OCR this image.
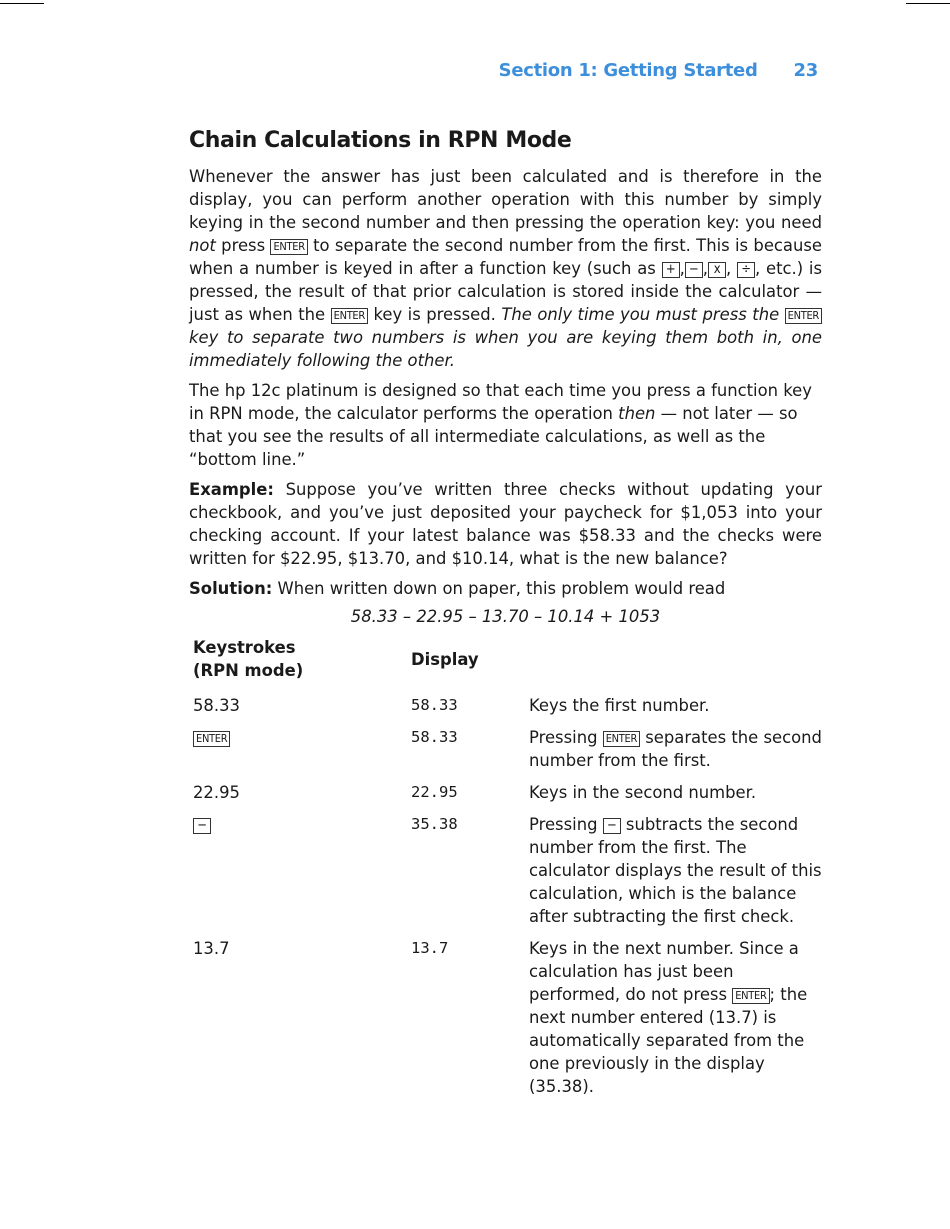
Section 1: Getting Started 23
Chain Calculations in RPN Mode

Whenever the answer has just been calculated and is therefore in the display, you can perform another operation with this number by simply keying in the second number and then pressing the operation key: you need not press ENTER to separate the second number from the first. This is because when a number is keyed in after a function key (such as + , − , x , ÷ , etc.) is pressed, the result of that prior calculation is stored inside the calculator — just as when the ENTER key is pressed. The only time you must press the ENTER key to separate two numbers is when you are keying them both in, one immediately following the other.

The hp 12c platinum is designed so that each time you press a function key in RPN mode, the calculator performs the operation then — not later — so that you see the results of all intermediate calculations, as well as the “bottom line.”

Example: Suppose you’ve written three checks without updating your checkbook, and you’ve just deposited your paycheck for $1,053 into your checking account. If your latest balance was $58.33 and the checks were written for $22.95, $13.70, and $10.14, what is the new balance?

Solution: When written down on paper, this problem would read

58.33 – 22.95 – 13.70 – 10.14 + 1053
Keystrokes
(RPN mode)	Display	
58.33	58.33	Keys the first number.
ENTER	58.33	Pressing ENTER separates the second number from the first.
22.95	22.95	Keys in the second number.
−	35.38	Pressing − subtracts the second number from the first. The calculator displays the result of this calculation, which is the balance after subtracting the first check.
13.7	13.7	Keys in the next number. Since a calculation has just been performed, do not press ENTER ; the next number entered (13.7) is automatically separated from the one previously in the display (35.38).
